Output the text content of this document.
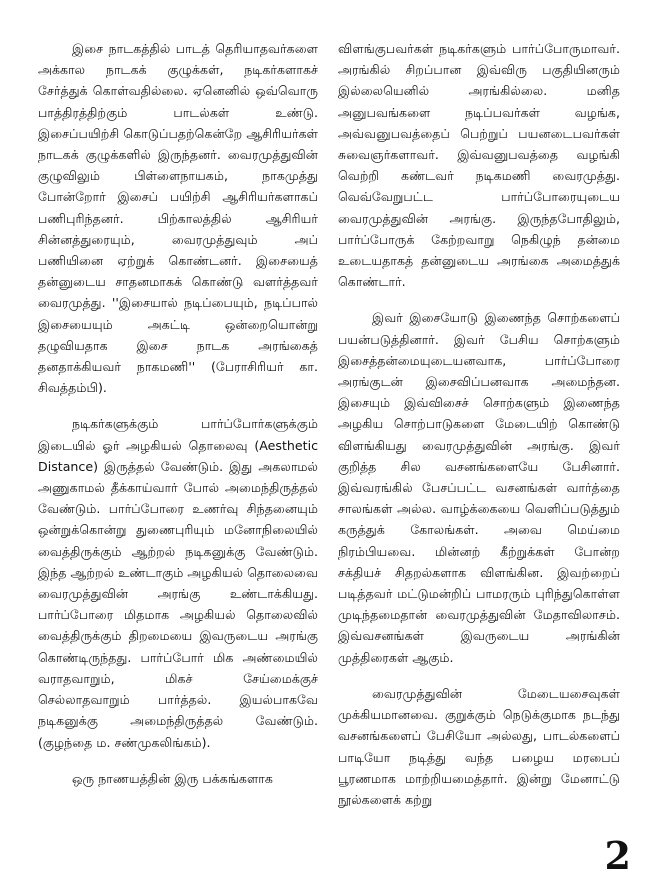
இசை நாடகத்தில் பாடத் தெரியாதவர்களை அக்கால நாடகக் குழுக்கள், நடிகர்களாகச் சேர்த்துக் கொள்வதில்லை. ஏனெனில் ஒவ்வொரு பாத்திரத்திற்கும் பாடல்கள் உண்டு. இசைப்பயிற்சி கொடுப்பதற்கென்றே ஆசிரியர்கள் நாடகக் குழுக்களில் இருந்தனர். வைரமுத்துவின் குழுவிலும் பிள்ளைநாயகம், நாகமுத்து போன்றோர் இசைப் பயிற்சி ஆசிரியர்களாகப் பணிபுரிந்தனர். பிற்காலத்தில் ஆசிரியர் சின்னத்துரையும், வைரமுத்துவும் அப் பணியினை ஏற்றுக் கொண்டனர். இசையைத் தன்னுடைய சாதனமாகக் கொண்டு வளர்த்தவர் வைரமுத்து. ''இசையால் நடிப்பையும், நடிப்பால் இசையையும் அகட்டி ஒன்றையொன்று தழுவியதாக இசை நாடக அரங்கைத் தனதாக்கியவர் நாகமணி'' (பேராசிரியர் கா. சிவத்தம்பி).

நடிகர்களுக்கும் பார்ப்போர்களுக்கும் இடையில் ஓர் அழகியல் தொலைவு (Aesthetic Distance) இருத்தல் வேண்டும். இது அகலாமல் அணுகாமல் தீக்காய்வார் போல் அமைந்திருத்தல் வேண்டும். பார்ப்போரை உணர்வு சிந்தனையும் ஒன்றுக்கொன்று துணைபுரியும் மனோநிலையில் வைத்திருக்கும் ஆற்றல் நடிகனுக்கு வேண்டும். இந்த ஆற்றல் உண்டாகும் அழகியல் தொலைவை வைரமுத்துவின் அரங்கு உண்டாக்கியது. பார்ப்போரை மிதமாக அழகியல் தொலைவில் வைத்திருக்கும் திறமையை இவருடைய அரங்கு கொண்டிருந்தது. பார்ப்போர் மிக அண்மையில் வராதவாறும், மிகச் சேய்மைக்குச் செல்லாதவாறும் பார்த்தல். இயல்பாகவே நடிகனுக்கு அமைந்திருத்தல் வேண்டும். (குழந்தை ம. சண்முகலிங்கம்).

ஒரு நாணயத்தின் இரு பக்கங்களாக

விளங்குபவர்கள் நடிகர்களும் பார்ப்போருமாவர். அரங்கில் சிறப்பான இவ்விரு பகுதியினரும் இல்லையெனில் அரங்கில்லை. மனித அனுபவங்களை நடிப்பவர்கள் வழங்க, அவ்வனுபவத்தைப் பெற்றுப் பயனடைபவர்கள் சுவைஞர்களாவர். இவ்வனுபவத்தை வழங்கி வெற்றி கண்டவர் நடிகமணி வைரமுத்து. வெவ்வேறுபட்ட பார்ப்போரையுடைய வைரமுத்துவின் அரங்கு. இருந்தபோதிலும், பார்ப்போருக் கேற்றவாறு நெகிழுந் தன்மை உடையதாகத் தன்னுடைய அரங்கை அமைத்துக் கொண்டார்.

இவர் இசையோடு இணைந்த சொற்களைப் பயன்படுத்தினார். இவர் பேசிய சொற்களும் இசைத்தன்மையுடையனவாக, பார்ப்போரை அரங்குடன் இசைவிப்பனவாக அமைந்தன. இசையும் இவ்விசைச் சொற்களும் இணைந்த அழகிய சொற்பாடுகளை மேடையிற் கொண்டு விளங்கியது வைரமுத்துவின் அரங்கு. இவர் குறித்த சில வசனங்களையே பேசினார். இவ்வரங்கில் பேசப்பட்ட வசனங்கள் வார்த்தை சாலங்கள் அல்ல. வாழ்க்கையை வெளிப்படுத்தும் கருத்துக் கோலங்கள். அவை மெய்மை நிரம்பியவை. மின்னற் கீற்றுக்கள் போன்ற சக்தியச் சிதறல்களாக விளங்கின. இவற்றைப் படித்தவர் மட்டுமன்றிப் பாமரரும் புரிந்துகொள்ள முடிந்தமைதான் வைரமுத்துவின் மேதாவிலாசம். இவ்வசனங்கள் இவருடைய அரங்கின் முத்திரைகள் ஆகும்.

வைரமுத்துவின் மேடையசைவுகள் முக்கியமானவை. குறுக்கும் நெடுக்குமாக நடந்து வசனங்களைப் பேசியோ அல்லது, பாடல்களைப் பாடியோ நடித்து வந்த பழைய மரபைப் பூரணமாக மாற்றியமைத்தார். இன்று மேனாட்டு நூல்களைக் கற்று

2
